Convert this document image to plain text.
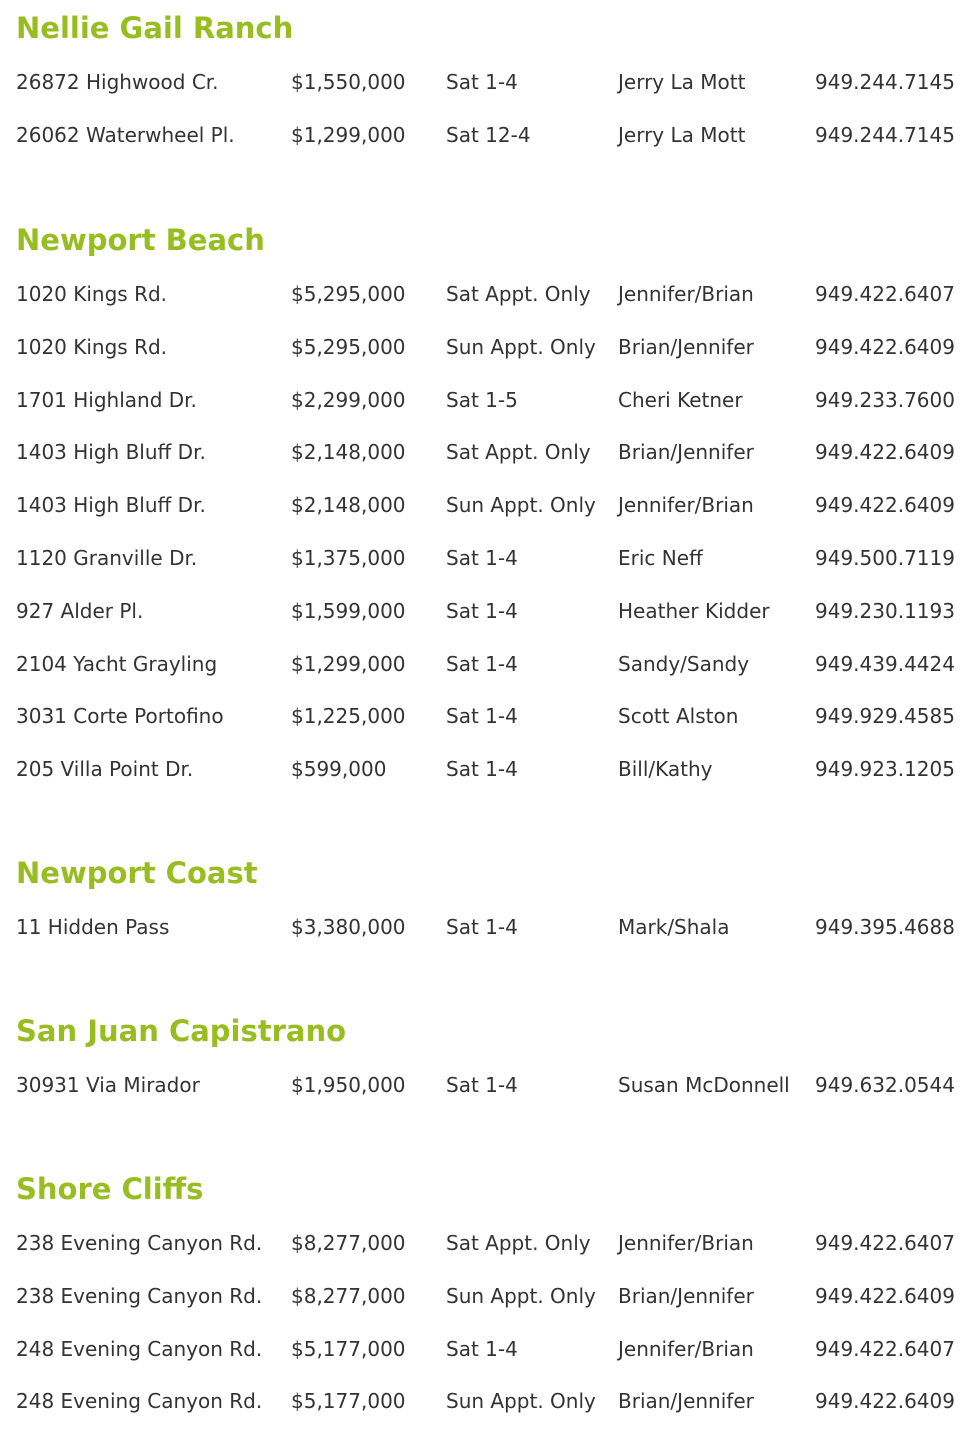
Nellie Gail Ranch
26872 Highwood Cr.	$1,550,000 Sat 1-4	Jerry La Mott	949.244.7145
26062 Waterwheel Pl.	$1,299,000 Sat 12-4	Jerry La Mott	949.244.7145
Newport Beach
1020 Kings Rd.	$5,295,000 Sat Appt. Only Jennifer/Brian	949.422.6407
1020 Kings Rd.	$5,295,000 Sun Appt. Only Brian/Jennifer	949.422.6409
1701 Highland Dr.	$2,299,000 Sat 1-5	Cheri Ketner	949.233.7600
1403 High Bluff Dr.	$2,148,000 Sat Appt. Only Brian/Jennifer	949.422.6409
1403 High Bluff Dr.	$2,148,000 Sun Appt. Only Jennifer/Brian	949.422.6409
1120 Granville Dr.	$1,375,000 Sat 1-4	Eric Neff	949.500.7119
927 Alder Pl.	$1,599,000 Sat 1-4	Heather Kidder 949.230.1193
2104 Yacht Grayling	$1,299,000 Sat 1-4	Sandy/Sandy	949.439.4424
3031 Corte Portofino	$1,225,000 Sat 1-4	Scott Alston	949.929.4585
205 Villa Point Dr.	$599,000	Sat 1-4	Bill/Kathy	949.923.1205
Newport Coast
11 Hidden Pass	$3,380,000 Sat 1-4	Mark/Shala	949.395.4688
San Juan Capistrano
30931 Via Mirador	$1,950,000 Sat 1-4	Susan McDonnell 949.632.0544
Shore Cliffs
238 Evening Canyon Rd. $8,277,000 Sat Appt. Only Jennifer/Brian	949.422.6407
238 Evening Canyon Rd. $8,277,000 Sun Appt. Only Brian/Jennifer	949.422.6409
248 Evening Canyon Rd. $5,177,000 Sat 1-4	Jennifer/Brian	949.422.6407
248 Evening Canyon Rd. $5,177,000 Sun Appt. Only Brian/Jennifer	949.422.6409
